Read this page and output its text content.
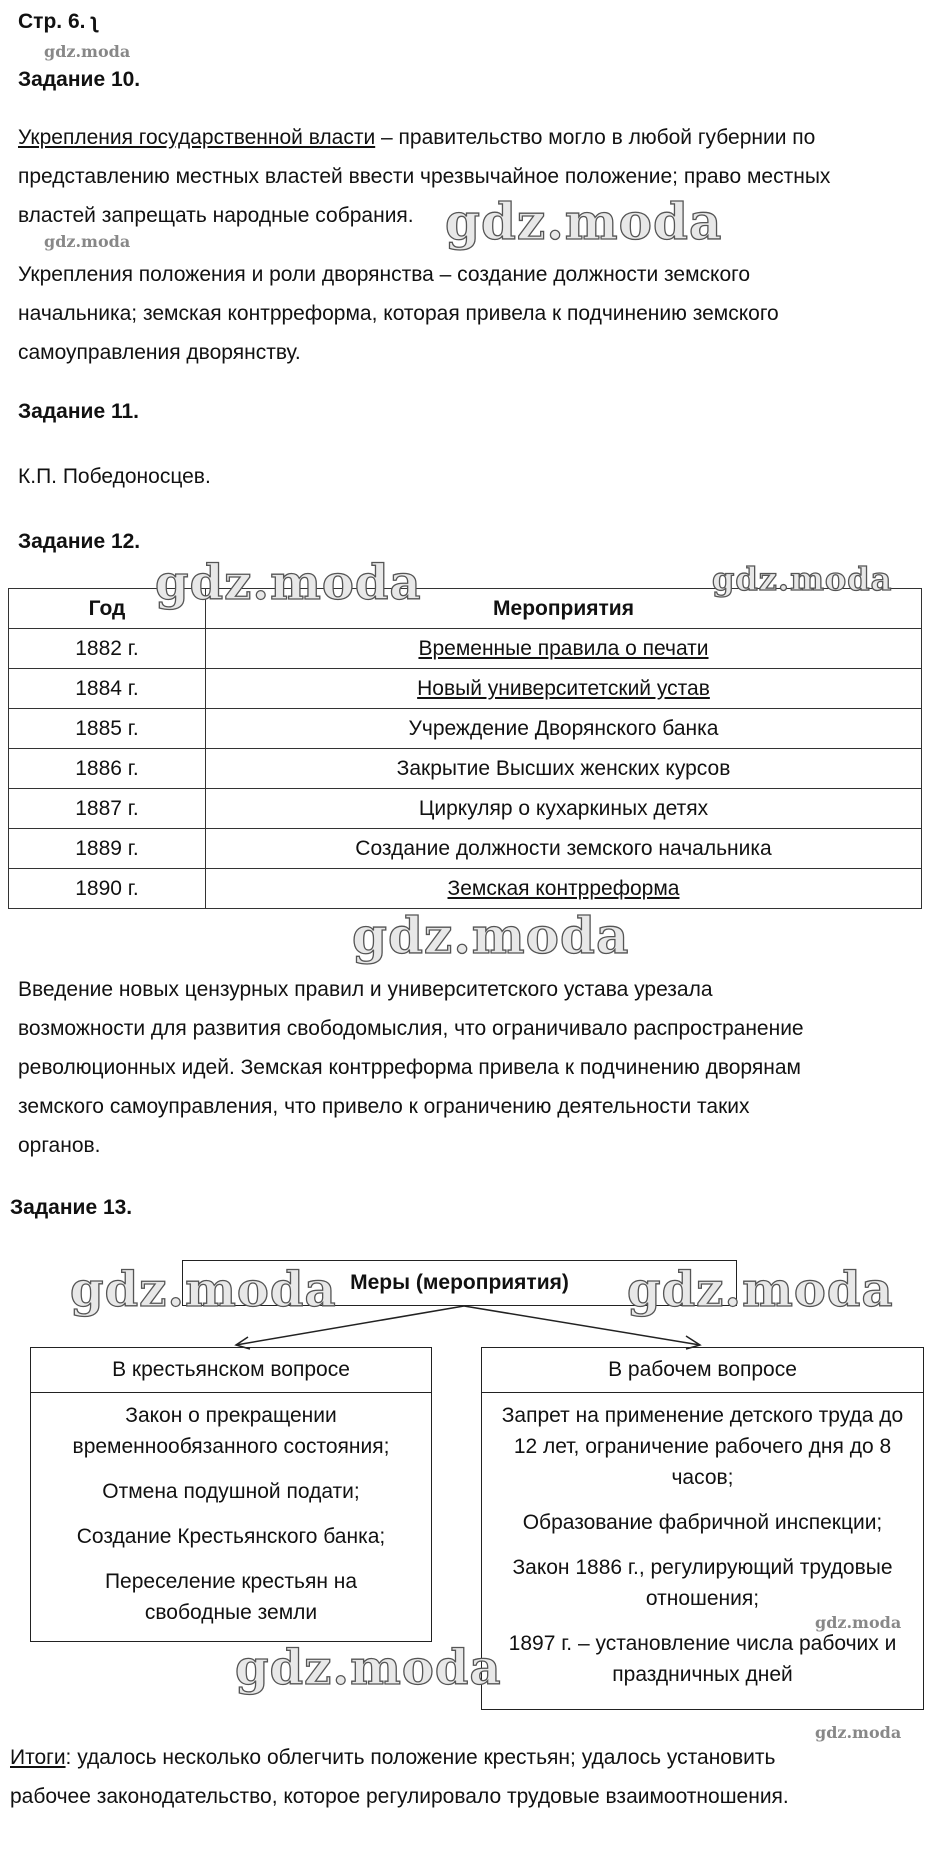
Стр. 6. ʅ
gdz.moda
Задание 10.
Укрепления государственной власти – правительство могло в любой губернии по
представлению местных властей ввести чрезвычайное положение; право местных
властей запрещать народные собрания. gdz.moda
gdz.moda
Укрепления положения и роли дворянства – создание должности земского
начальника; земская контрреформа, которая привела к подчинению земского
самоуправления дворянству.
Задание 11.
К.П. Победоносцев.
Задание 12.
Год	Мероприятия
1882 г.	Временные правила о печати
1884 г.	Новый университетский устав
1885 г.	Учреждение Дворянского банка
1886 г.	Закрытие Высших женских курсов
1887 г.	Циркуляр о кухаркиных детях
1889 г.	Создание должности земского начальника
1890 г.	Земская контрреформа
gdz.moda	gdz.moda
gdz.moda
Введение новых цензурных правил и университетского устава урезала
возможности для развития свободомыслия, что ограничивало распространение
революционных идей. Земская контрреформа привела к подчинению дворянам
земского самоуправления, что привело к ограничению деятельности таких
органов.
Задание 13.
Меры (мероприятия)
В крестьянском вопросе
Закон о прекращении временнообязанного состояния;
Отмена подушной подати;
Создание Крестьянского банка;
Переселение крестьян на свободные земли
В рабочем вопросе
Запрет на применение детского труда до 12 лет, ограничение рабочего дня до 8 часов;
Образование фабричной инспекции;
Закон 1886 г., регулирующий трудовые отношения;
1897 г. – установление числа рабочих и праздничных дней
gdz.moda	gdz.moda
gdz.moda
gdz.moda
gdz.moda
Итоги: удалось несколько облегчить положение крестьян; удалось установить
рабочее законодательство, которое регулировало трудовые взаимоотношения.
